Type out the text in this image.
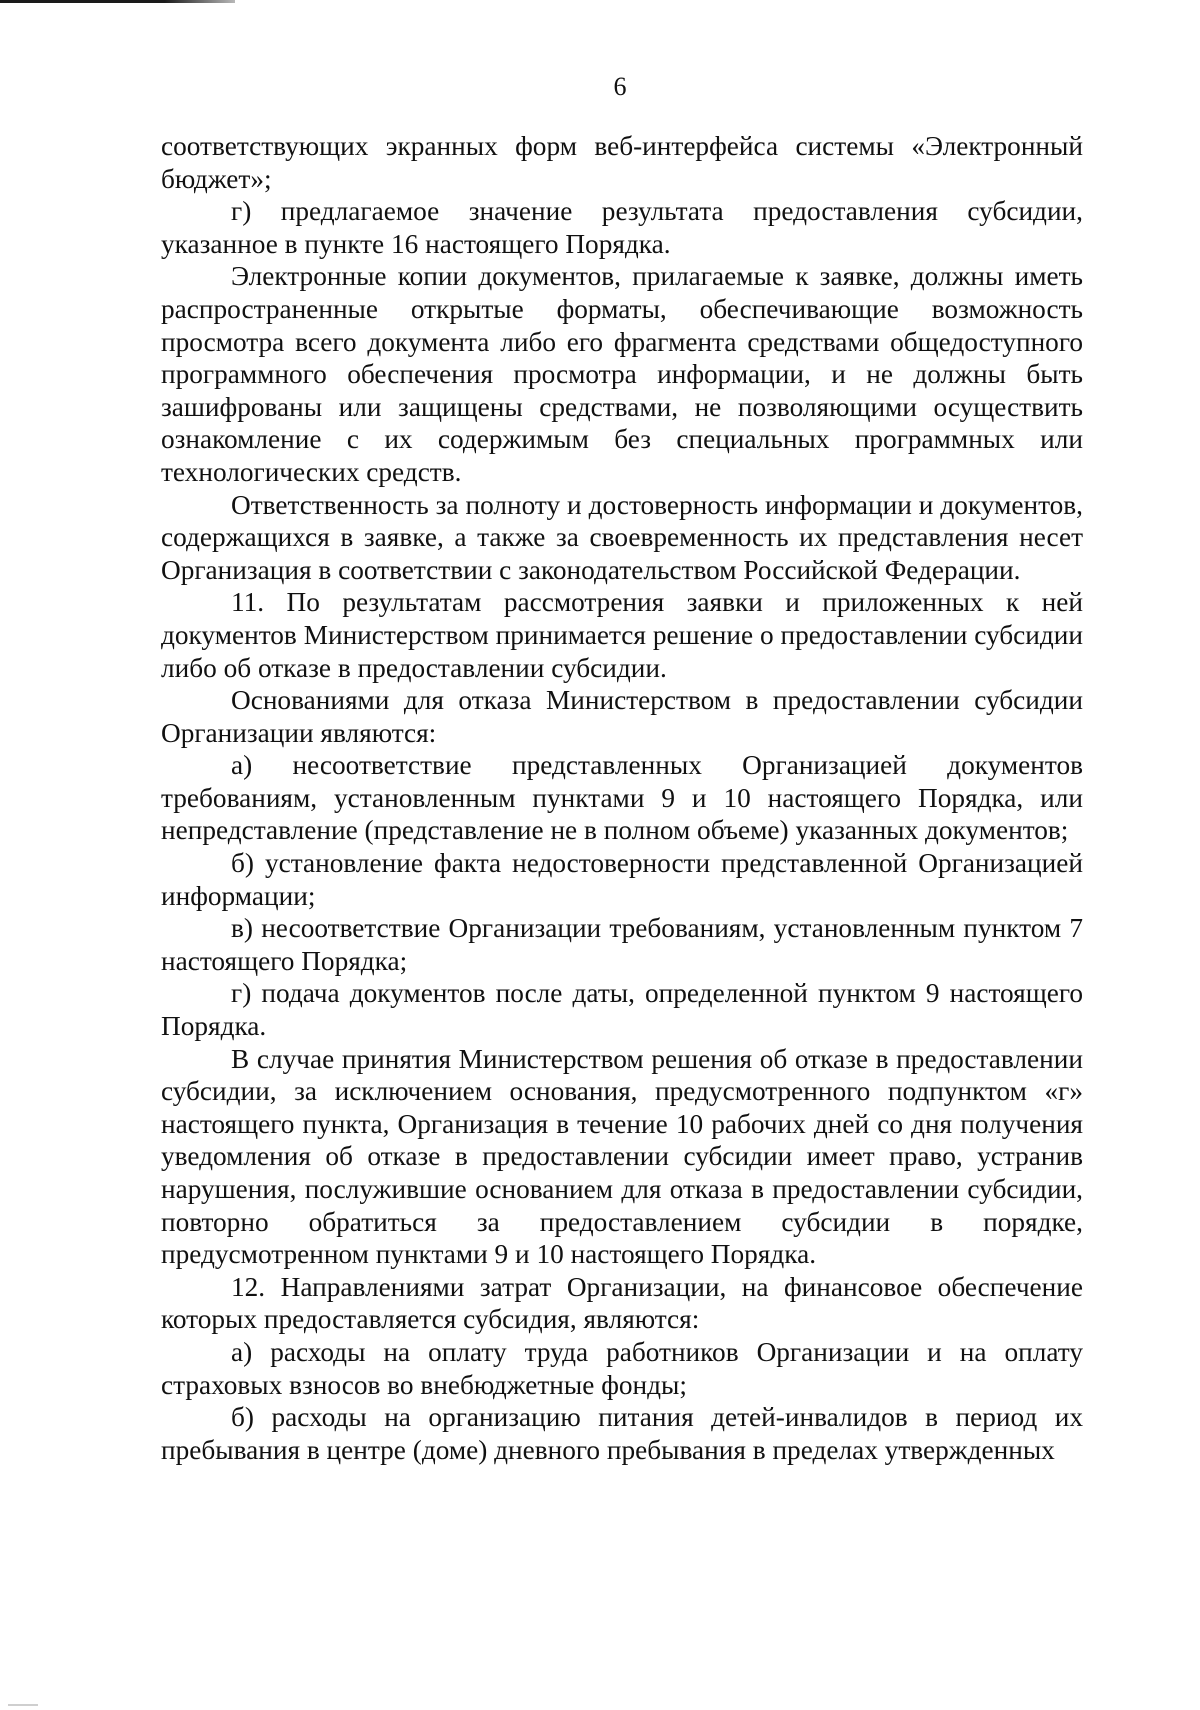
6

соответствующих экранных форм веб-интерфейса системы «Электронный бюджет»;

г) предлагаемое значение результата предоставления субсидии, указанное в пункте 16 настоящего Порядка.

Электронные копии документов, прилагаемые к заявке, должны иметь распространенные открытые форматы, обеспечивающие возможность просмотра всего документа либо его фрагмента средствами общедоступного программного обеспечения просмотра информации, и не должны быть зашифрованы или защищены средствами, не позволяющими осуществить ознакомление с их содержимым без специальных программных или технологических средств.

Ответственность за полноту и достоверность информации и документов, содержащихся в заявке, а также за своевременность их представления несет Организация в соответствии с законодательством Российской Федерации.

11. По результатам рассмотрения заявки и приложенных к ней документов Министерством принимается решение о предоставлении субсидии либо об отказе в предоставлении субсидии.

Основаниями для отказа Министерством в предоставлении субсидии Организации являются:

а) несоответствие представленных Организацией документов требованиям, установленным пунктами 9 и 10 настоящего Порядка, или непредставление (представление не в полном объеме) указанных документов;

б) установление факта недостоверности представленной Организацией информации;

в) несоответствие Организации требованиям, установленным пунктом 7 настоящего Порядка;

г) подача документов после даты, определенной пунктом 9 настоящего Порядка.

В случае принятия Министерством решения об отказе в предоставлении субсидии, за исключением основания, предусмотренного подпунктом «г» настоящего пункта, Организация в течение 10 рабочих дней со дня получения уведомления об отказе в предоставлении субсидии имеет право, устранив нарушения, послужившие основанием для отказа в предоставлении субсидии, повторно обратиться за предоставлением субсидии в порядке, предусмотренном пунктами 9 и 10 настоящего Порядка.

12. Направлениями затрат Организации, на финансовое обеспечение которых предоставляется субсидия, являются:

а) расходы на оплату труда работников Организации и на оплату страховых взносов во внебюджетные фонды;

б) расходы на организацию питания детей-инвалидов в период их пребывания в центре (доме) дневного пребывания в пределах утвержденных
